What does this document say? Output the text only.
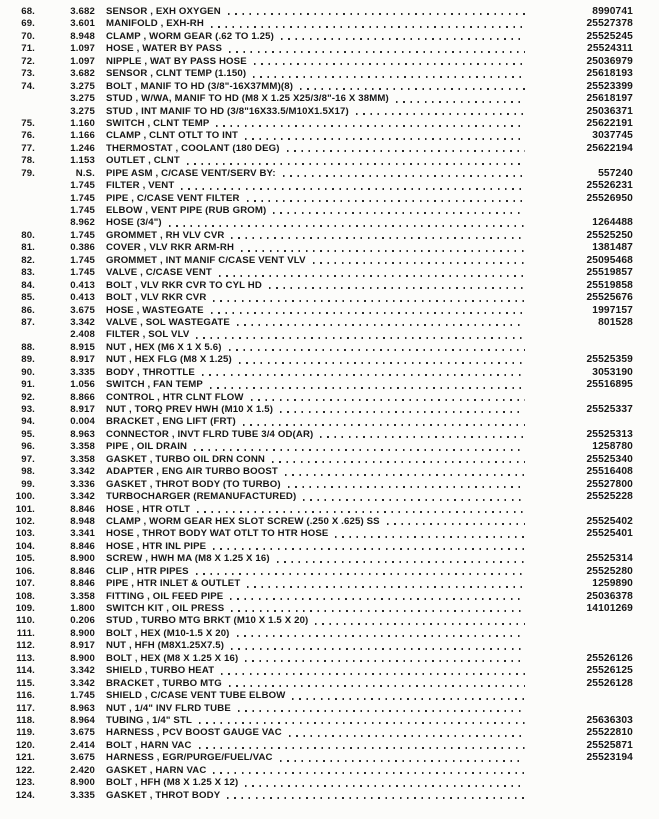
68.	3.682 SENSOR , EXH OXYGEN	8990741
69.	3.601 MANIFOLD , EXH-RH	25527378
70.	8.948 CLAMP , WORM GEAR (.62 TO 1.25)	25525245
71.	1.097 HOSE , WATER BY PASS	25524311
72.	1.097 NIPPLE , WAT BY PASS HOSE	25036979
73.	3.682 SENSOR , CLNT TEMP (1.150)	25618193
74.	3.275 BOLT , MANIF TO HD (3/8"-16X37MM)(8)	25523399
3.275 STUD , W/WA, MANIF TO HD (M8 X 1.25 X25/3/8"-16 X 38MM)	25618197
3.275 STUD , INT MANIF TO HD (3/8"16X33.5/M10X1.5X17)	25036371
75.	1.160 SWITCH , CLNT TEMP	25622191
76.	1.166 CLAMP , CLNT OTLT TO INT	3037745
77.	1.246 THERMOSTAT , COOLANT (180 DEG)	25622194
78.	1.153 OUTLET , CLNT
79.	N.S. PIPE ASM , C/CASE VENT/SERV BY:	557240
1.745 FILTER , VENT	25526231
1.745 PIPE , C/CASE VENT FILTER	25526950
1.745 ELBOW , VENT PIPE (RUB GROM)
8.962 HOSE (3/4")	1264488
80.	1.745 GROMMET , RH VLV CVR	25525250
81.	0.386 COVER , VLV RKR ARM-RH	1381487
82.	1.745 GROMMET , INT MANIF C/CASE VENT VLV	25095468
83.	1.745 VALVE , C/CASE VENT	25519857
84.	0.413 BOLT , VLV RKR CVR TO CYL HD	25519858
85.	0.413 BOLT , VLV RKR CVR	25525676
86.	3.675 HOSE , WASTEGATE	1997157
87.	3.342 VALVE , SOL WASTEGATE	801528
2.408 FILTER , SOL VLV
88.	8.915 NUT , HEX (M6 X 1 X 5.6)
89.	8.917 NUT , HEX FLG (M8 X 1.25)	25525359
90.	3.335 BODY , THROTTLE	3053190
91.	1.056 SWITCH , FAN TEMP	25516895
92.	8.866 CONTROL , HTR CLNT FLOW
93.	8.917 NUT , TORQ PREV HWH (M10 X 1.5)	25525337
94.	0.004 BRACKET , ENG LIFT (FRT)
95.	8.963 CONNECTOR , INVT FLRD TUBE 3/4 OD(AR)	25525313
96.	3.358 PIPE , OIL DRAIN	1258780
97.	3.358 GASKET , TURBO OIL DRN CONN	25525340
98.	3.342 ADAPTER , ENG AIR TURBO BOOST	25516408
99.	3.336 GASKET , THROT BODY (TO TURBO)	25527800
100.	3.342 TURBOCHARGER (REMANUFACTURED)	25525228
101.	8.846 HOSE , HTR OTLT
102.	8.948 CLAMP , WORM GEAR HEX SLOT SCREW (.250 X .625) SS	25525402
103.	3.341 HOSE , THROT BODY WAT OTLT TO HTR HOSE	25525401
104.	8.846 HOSE , HTR INL PIPE
105.	8.900 SCREW , HWH MA (M8 X 1.25 X 16)	25525314
106.	8.846 CLIP , HTR PIPES	25525280
107.	8.846 PIPE , HTR INLET & OUTLET	1259890
108.	3.358 FITTING , OIL FEED PIPE	25036378
109.	1.800 SWITCH KIT , OIL PRESS	14101269
110.	0.206 STUD , TURBO MTG BRKT (M10 X 1.5 X 20)
111.	8.900 BOLT , HEX (M10-1.5 X 20)
112.	8.917 NUT , HFH (M8X1.25X7.5)
113.	8.900 BOLT , HEX (M8 X 1.25 X 16)	25526126
114.	3.342 SHIELD , TURBO HEAT	25526125
115.	3.342 BRACKET , TURBO MTG	25526128
116.	1.745 SHIELD , C/CASE VENT TUBE ELBOW
117.	8.963 NUT , 1/4" INV FLRD TUBE
118.	8.964 TUBING , 1/4" STL	25636303
119.	3.675 HARNESS , PCV BOOST GAUGE VAC	25522810
120.	2.414 BOLT , HARN VAC	25525871
121.	3.675 HARNESS , EGR/PURGE/FUEL/VAC	25523194
122.	2.420 GASKET , HARN VAC
123.	8.900 BOLT , HFH (M8 X 1.25 X 12)
124.	3.335 GASKET , THROT BODY
